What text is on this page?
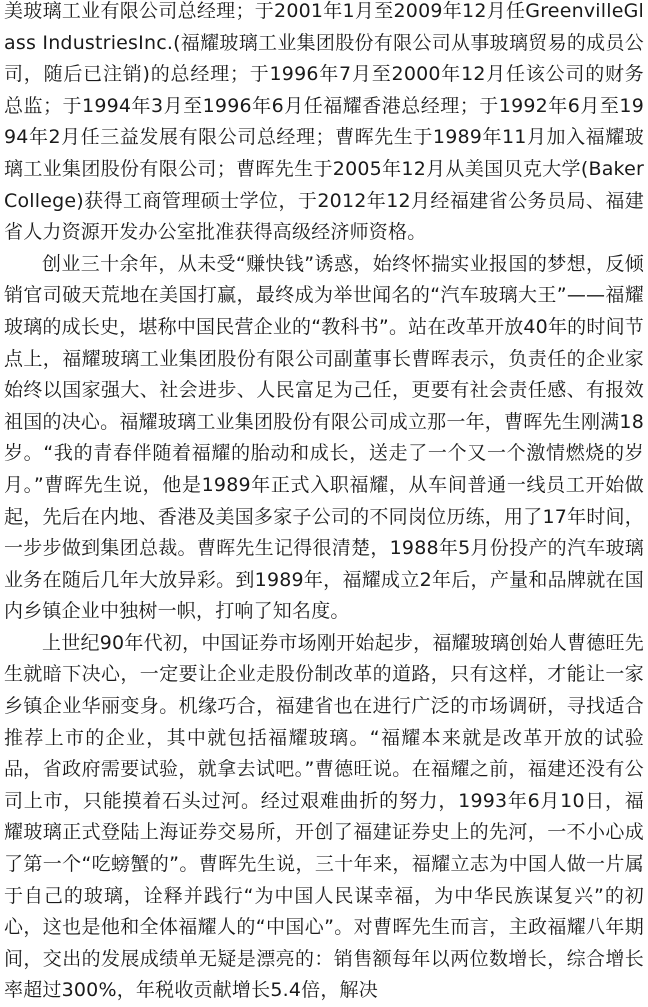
美玻璃工业有限公司总经理；于2001年1月至2009年12月任GreenvilleGlass IndustriesInc.(福耀玻璃工业集团股份有限公司从事玻璃贸易的成员公司，随后已注销)的总经理；于1996年7月至2000年12月任该公司的财务总监；于1994年3月至1996年6月任福耀香港总经理；于1992年6月至1994年2月任三益发展有限公司总经理；曹晖先生于1989年11月加入福耀玻璃工业集团股份有限公司；曹晖先生于2005年12月从美国贝克大学(BakerCollege)获得工商管理硕士学位，于2012年12月经福建省公务员局、福建省人力资源开发办公室批准获得高级经济师资格。

创业三十余年，从未受“赚快钱”诱惑，始终怀揣实业报国的梦想，反倾销官司破天荒地在美国打赢，最终成为举世闻名的“汽车玻璃大王”——福耀玻璃的成长史，堪称中国民营企业的“教科书”。站在改革开放40年的时间节点上，福耀玻璃工业集团股份有限公司副董事长曹晖表示，负责任的企业家始终以国家强大、社会进步、人民富足为己任，更要有社会责任感、有报效祖国的决心。福耀玻璃工业集团股份有限公司成立那一年，曹晖先生刚满18岁。“我的青春伴随着福耀的胎动和成长，送走了一个又一个激情燃烧的岁月。”曹晖先生说，他是1989年正式入职福耀，从车间普通一线员工开始做起，先后在内地、香港及美国多家子公司的不同岗位历练，用了17年时间，一步步做到集团总裁。曹晖先生记得很清楚，1988年5月份投产的汽车玻璃业务在随后几年大放异彩。到1989年，福耀成立2年后，产量和品牌就在国内乡镇企业中独树一帜，打响了知名度。

上世纪90年代初，中国证券市场刚开始起步，福耀玻璃创始人曹德旺先生就暗下决心，一定要让企业走股份制改革的道路，只有这样，才能让一家乡镇企业华丽变身。机缘巧合，福建省也在进行广泛的市场调研，寻找适合推荐上市的企业，其中就包括福耀玻璃。“福耀本来就是改革开放的试验品，省政府需要试验，就拿去试吧。”曹德旺说。在福耀之前，福建还没有公司上市，只能摸着石头过河。经过艰难曲折的努力，1993年6月10日，福耀玻璃正式登陆上海证券交易所，开创了福建证券史上的先河，一不小心成了第一个“吃螃蟹的”。曹晖先生说，三十年来，福耀立志为中国人做一片属于自己的玻璃，诠释并践行“为中国人民谋幸福，为中华民族谋复兴”的初心，这也是他和全体福耀人的“中国心”。对曹晖先生而言，主政福耀八年期间，交出的发展成绩单无疑是漂亮的：销售额每年以两位数增长，综合增长率超过300%，年税收贡献增长5.4倍，解决
